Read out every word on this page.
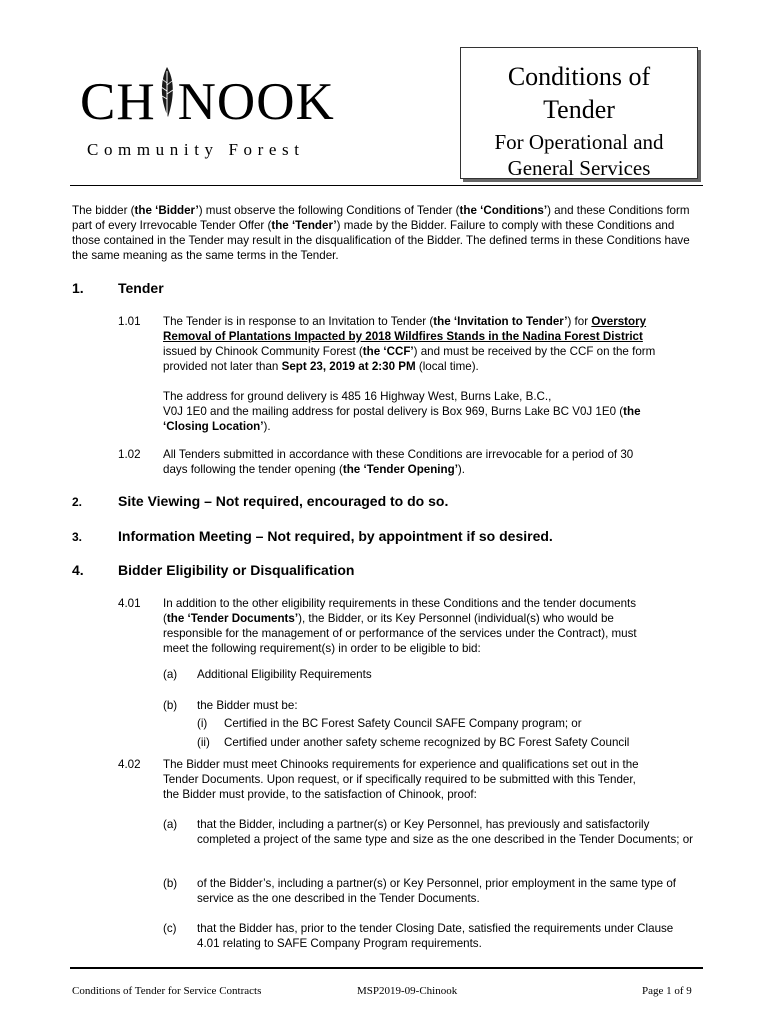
CH NOOK
Community Forest
Conditions of
Tender
For Operational and
General Services
The bidder (the ‘Bidder’) must observe the following Conditions of Tender (the ‘Conditions’) and these Conditions form part of every Irrevocable Tender Offer (the ‘Tender’) made by the Bidder. Failure to comply with these Conditions and those contained in the Tender may result in the disqualification of the Bidder. The defined terms in these Conditions have the same meaning as the same terms in the Tender.
1. Tender
1.01 The Tender is in response to an Invitation to Tender (the ‘Invitation to Tender’) for Overstory
Removal of Plantations Impacted by 2018 Wildfires Stands in the Nadina Forest District
issued by Chinook Community Forest (the ‘CCF’) and must be received by the CCF on the form
provided not later than Sept 23, 2019 at 2:30 PM (local time).
The address for ground delivery is 485 16 Highway West, Burns Lake, B.C.,
V0J 1E0 and the mailing address for postal delivery is Box 969, Burns Lake BC V0J 1E0 (the
‘Closing Location’).
1.02 All Tenders submitted in accordance with these Conditions are irrevocable for a period of 30
days following the tender opening (the ‘Tender Opening’).
2.	Site Viewing – Not required, encouraged to do so.
3.	Information Meeting – Not required, by appointment if so desired.
4. Bidder Eligibility or Disqualification
4.01 In addition to the other eligibility requirements in these Conditions and the tender documents
(the ‘Tender Documents’), the Bidder, or its Key Personnel (individual(s) who would be
responsible for the management of or performance of the services under the Contract), must
meet the following requirement(s) in order to be eligible to bid:
(a) Additional Eligibility Requirements
(b) the Bidder must be:
(i)	Certified in the BC Forest Safety Council SAFE Company program; or
(ii)	Certified under another safety scheme recognized by BC Forest Safety Council
4.02 The Bidder must meet Chinooks requirements for experience and qualifications set out in the
Tender Documents. Upon request, or if specifically required to be submitted with this Tender,
the Bidder must provide, to the satisfaction of Chinook, proof:
(a) that the Bidder, including a partner(s) or Key Personnel, has previously and satisfactorily completed a project of the same type and size as the one described in the Tender Documents; or
(b) of the Bidder’s, including a partner(s) or Key Personnel, prior employment in the same type of service as the one described in the Tender Documents.
(c) that the Bidder has, prior to the tender Closing Date, satisfied the requirements under Clause 4.01 relating to SAFE Company Program requirements.
Conditions of Tender for Service Contracts	MSP2019-09-Chinook	Page 1 of 9
